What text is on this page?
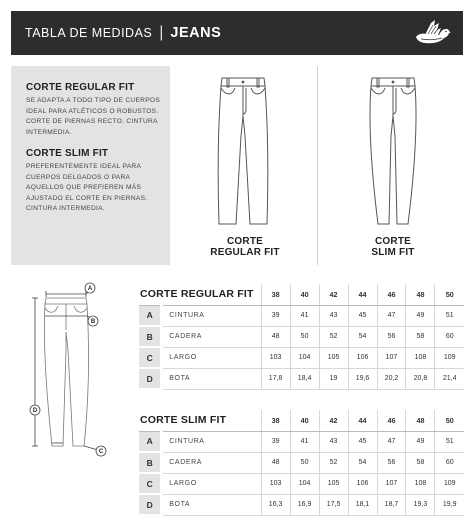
TABLA DE MEDIDAS | JEANS
CORTE REGULAR FIT

SE ADAPTA A TODO TIPO DE CUERPOS IDEAL PARA ATLÉTICOS O ROBUSTOS. CORTE DE PIERNAS RECTO. CINTURA INTERMEDIA.

CORTE SLIM FIT

PREFERENTEMENTE IDEAL PARA CUERPOS DELGADOS O PARA AQUELLOS QUE PREFIEREN MÁS AJUSTADO EL CORTE EN PIERNAS. CINTURA INTERMEDIA.

CORTE
REGULAR FIT
CORTE
SLIM FIT
A
B
D
C
CORTE REGULAR FIT		38	40	42	44	46	48	50
A	CINTURA	39	41	43	45	47	49	51
B	CADERA	48	50	52	54	56	58	60
C	LARGO	103	104	105	106	107	108	109
D	BOTA	17,8	18,4	19	19,6	20,2	20,8	21,4
CORTE SLIM FIT		38	40	42	44	46	48	50
A	CINTURA	39	41	43	45	47	49	51
B	CADERA	48	50	52	54	56	58	60
C	LARGO	103	104	105	106	107	108	109
D	BOTA	16,3	16,9	17,5	18,1	18,7	19,3	19,9
